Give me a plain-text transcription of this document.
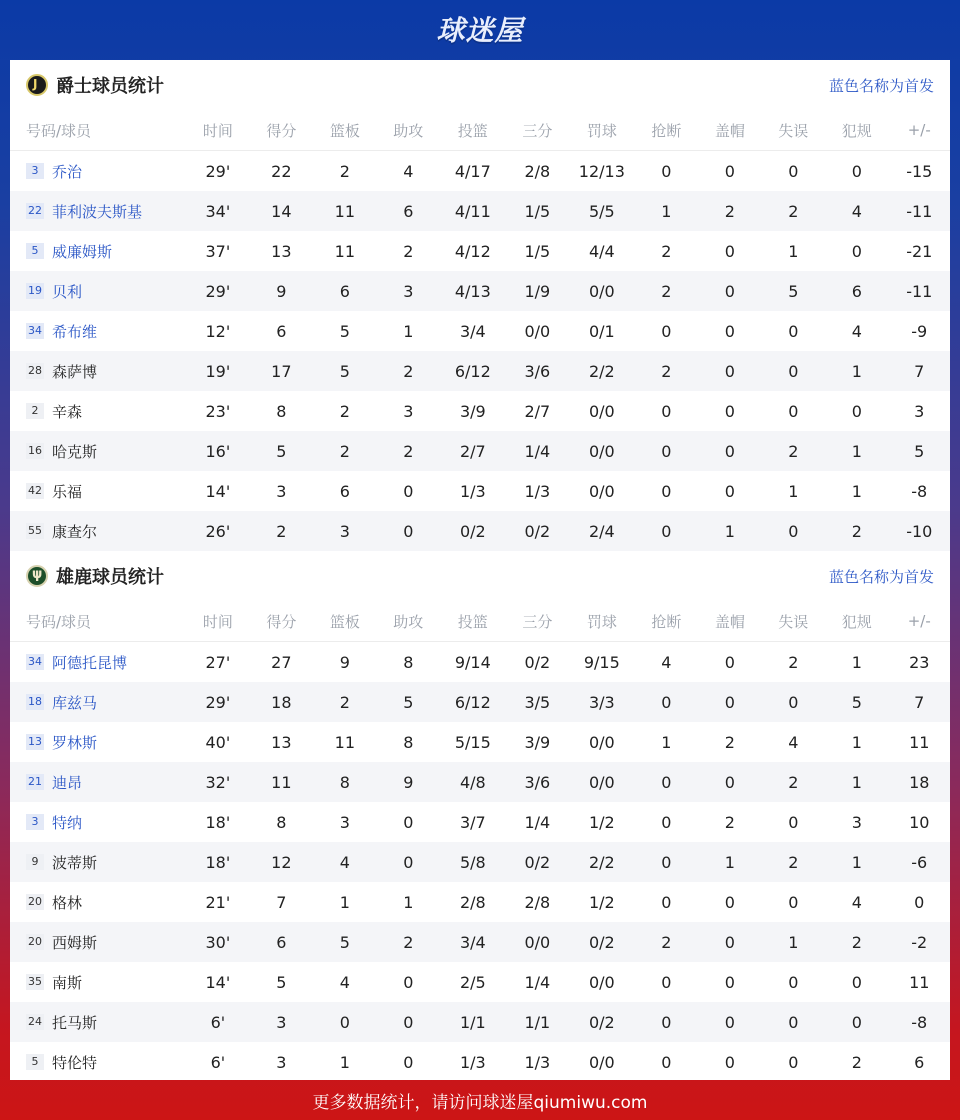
球迷屋
J
爵士球员统计	蓝色名称为首发
号码/球员	时间	得分	篮板	助攻	投篮	三分	罚球	抢断	盖帽	失误	犯规	+/-
3 乔治	29'	22	2	4	4/17	2/8	12/13	0	0	0	0	-15
22 菲利波夫斯基	34'	14	11	6	4/11	1/5	5/5	1	2	2	4	-11
5 威廉姆斯	37'	13	11	2	4/12	1/5	4/4	2	0	1	0	-21
19 贝利	29'	9	6	3	4/13	1/9	0/0	2	0	5	6	-11
34 希布维	12'	6	5	1	3/4	0/0	0/1	0	0	0	4	-9
28 森萨博	19'	17	5	2	6/12	3/6	2/2	2	0	0	1	7
2 辛森	23'	8	2	3	3/9	2/7	0/0	0	0	0	0	3
16 哈克斯	16'	5	2	2	2/7	1/4	0/0	0	0	2	1	5
42 乐福	14'	3	6	0	1/3	1/3	0/0	0	0	1	1	-8
55 康查尔	26'	2	3	0	0/2	0/2	2/4	0	1	0	2	-10
ψ
雄鹿球员统计	蓝色名称为首发
号码/球员	时间	得分	篮板	助攻	投篮	三分	罚球	抢断	盖帽	失误	犯规	+/-
34 阿德托昆博	27'	27	9	8	9/14	0/2	9/15	4	0	2	1	23
18 库兹马	29'	18	2	5	6/12	3/5	3/3	0	0	0	5	7
13 罗林斯	40'	13	11	8	5/15	3/9	0/0	1	2	4	1	11
21 迪昂	32'	11	8	9	4/8	3/6	0/0	0	0	2	1	18
3 特纳	18'	8	3	0	3/7	1/4	1/2	0	2	0	3	10
9 波蒂斯	18'	12	4	0	5/8	0/2	2/2	0	1	2	1	-6
20 格林	21'	7	1	1	2/8	2/8	1/2	0	0	0	4	0
20 西姆斯	30'	6	5	2	3/4	0/0	0/2	2	0	1	2	-2
35 南斯	14'	5	4	0	2/5	1/4	0/0	0	0	0	0	11
24 托马斯	6'	3	0	0	1/1	1/1	0/2	0	0	0	0	-8
5 特伦特	6'	3	1	0	1/3	1/3	0/0	0	0	0	2	6
更多数据统计，请访问球迷屋qiumiwu.com
